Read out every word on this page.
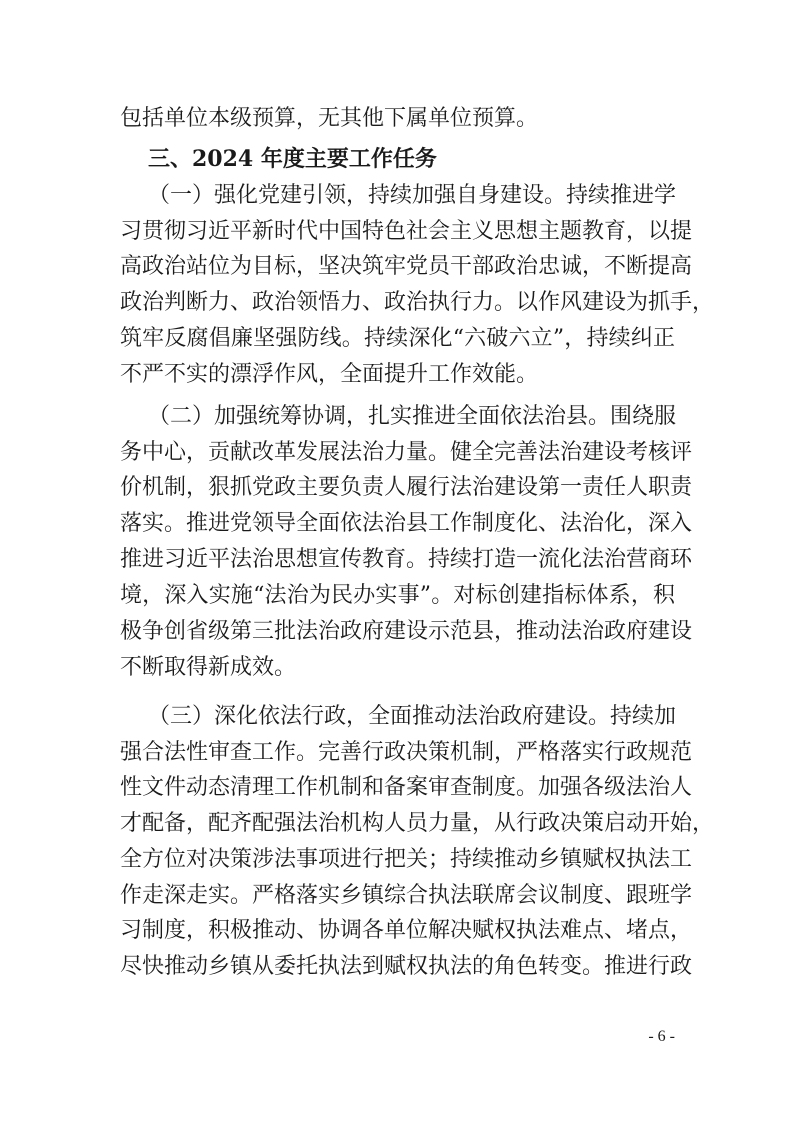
包括单位本级预算，无其他下属单位预算。
三、2024 年度主要工作任务
（一）强化党建引领，持续加强自身建设。持续推进学
习贯彻习近平新时代中国特色社会主义思想主题教育，以提
高政治站位为目标，坚决筑牢党员干部政治忠诚，不断提高
政治判断力、政治领悟力、政治执行力。以作风建设为抓手，
筑牢反腐倡廉坚强防线。持续深化“六破六立”，持续纠正
不严不实的漂浮作风，全面提升工作效能。
（二）加强统筹协调，扎实推进全面依法治县。围绕服
务中心，贡献改革发展法治力量。健全完善法治建设考核评
价机制，狠抓党政主要负责人履行法治建设第一责任人职责
落实。推进党领导全面依法治县工作制度化、法治化，深入
推进习近平法治思想宣传教育。持续打造一流化法治营商环
境，深入实施“法治为民办实事”。对标创建指标体系，积
极争创省级第三批法治政府建设示范县，推动法治政府建设
不断取得新成效。
（三）深化依法行政，全面推动法治政府建设。持续加
强合法性审查工作。完善行政决策机制，严格落实行政规范
性文件动态清理工作机制和备案审查制度。加强各级法治人
才配备，配齐配强法治机构人员力量，从行政决策启动开始，
全方位对决策涉法事项进行把关；持续推动乡镇赋权执法工
作走深走实。严格落实乡镇综合执法联席会议制度、跟班学
习制度，积极推动、协调各单位解决赋权执法难点、堵点，
尽快推动乡镇从委托执法到赋权执法的角色转变。推进行政
- 6 -
